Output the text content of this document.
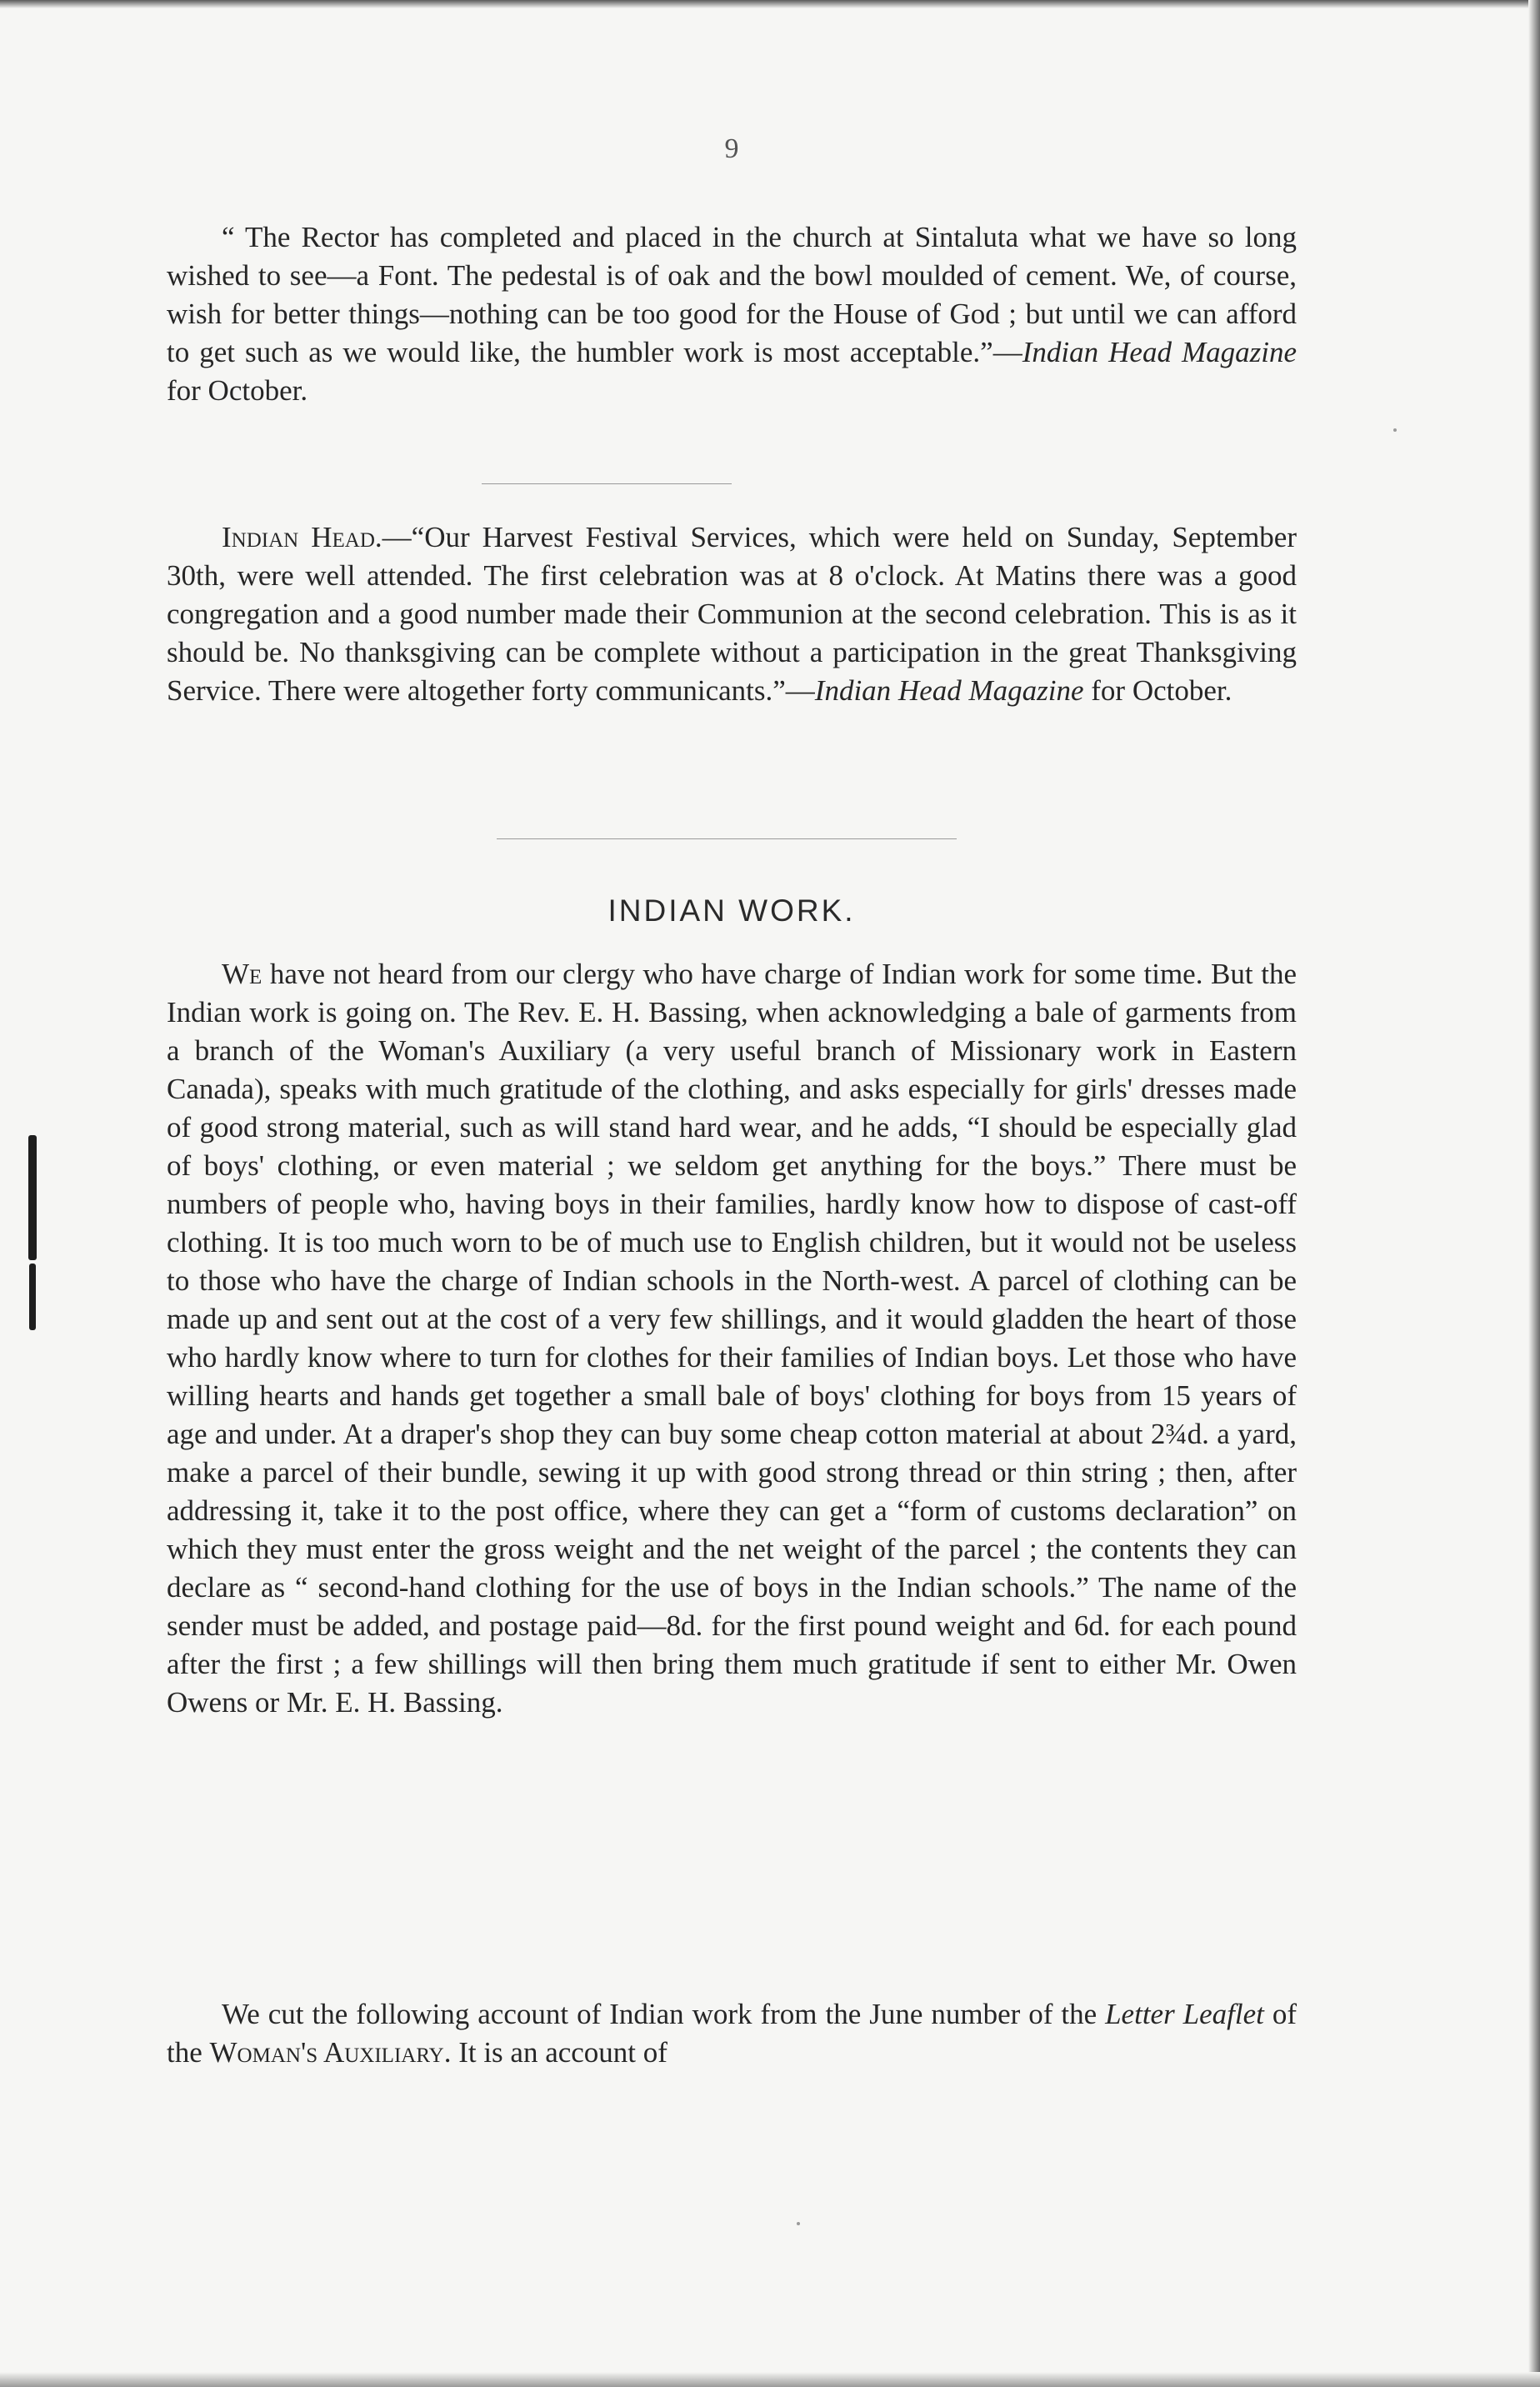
9

“ The Rector has completed and placed in the church at Sintaluta what we have so long wished to see—a Font. The pedestal is of oak and the bowl moulded of cement. We, of course, wish for better things—nothing can be too good for the House of God ; but until we can afford to get such as we would like, the humbler work is most acceptable.”—Indian Head Magazine for October.

Indian Head.—“Our Harvest Festival Services, which were held on Sunday, September 30th, were well attended. The first celebration was at 8 o'clock. At Matins there was a good congregation and a good number made their Communion at the second celebration. This is as it should be. No thanksgiving can be complete without a participation in the great Thanksgiving Service. There were altogether forty communicants.”—Indian Head Magazine for October.

INDIAN WORK.

We have not heard from our clergy who have charge of Indian work for some time. But the Indian work is going on. The Rev. E. H. Bassing, when acknowledging a bale of garments from a branch of the Woman's Auxiliary (a very useful branch of Missionary work in Eastern Canada), speaks with much gratitude of the clothing, and asks especially for girls' dresses made of good strong material, such as will stand hard wear, and he adds, “I should be especially glad of boys' clothing, or even material ; we seldom get anything for the boys.” There must be numbers of people who, having boys in their families, hardly know how to dispose of cast-off clothing. It is too much worn to be of much use to English children, but it would not be useless to those who have the charge of Indian schools in the North-west. A parcel of clothing can be made up and sent out at the cost of a very few shillings, and it would gladden the heart of those who hardly know where to turn for clothes for their families of Indian boys. Let those who have willing hearts and hands get together a small bale of boys' clothing for boys from 15 years of age and under. At a draper's shop they can buy some cheap cotton material at about 2¾d. a yard, make a parcel of their bundle, sewing it up with good strong thread or thin string ; then, after addressing it, take it to the post office, where they can get a “form of customs declaration” on which they must enter the gross weight and the net weight of the parcel ; the contents they can declare as “ second-hand clothing for the use of boys in the Indian schools.” The name of the sender must be added, and postage paid—8d. for the first pound weight and 6d. for each pound after the first ; a few shillings will then bring them much gratitude if sent to either Mr. Owen Owens or Mr. E. H. Bassing.

We cut the following account of Indian work from the June number of the Letter Leaflet of the Woman's Auxiliary. It is an account of
